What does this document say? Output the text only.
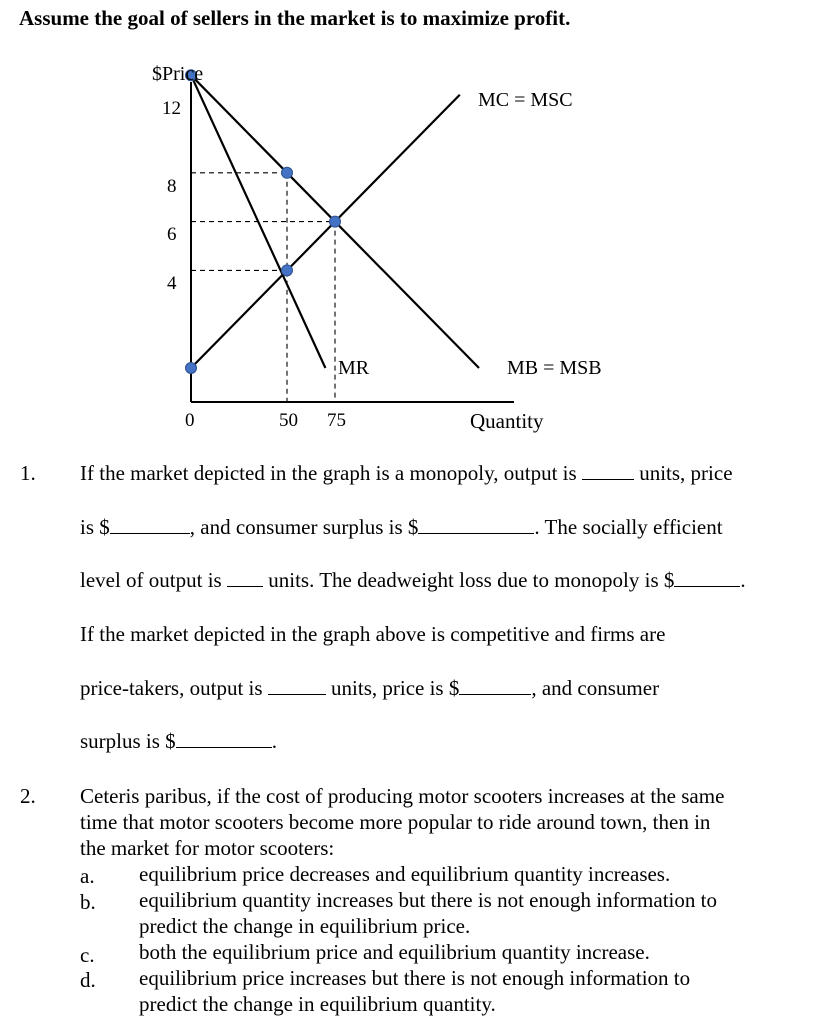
Assume the goal of sellers in the market is to maximize profit.
$Price
Quantity
0
12
8
6
4
50 75
MC = MSC
MB = MSB
MR
1. If the market depicted in the graph is a monopoly, output is	units, price
is $	, and consumer surplus is $	. The socially efficient
level of output is units. The deadweight loss due to monopoly is $	.
If the market depicted in the graph above is competitive and firms are
price-takers, output is	units, price is $	, and consumer
surplus is $	.
2. Ceteris paribus, if the cost of producing motor scooters increases at the same
time that motor scooters become more popular to ride around town, then in
the market for motor scooters:
a. equilibrium price decreases and equilibrium quantity increases.
b. equilibrium quantity increases but there is not enough information to
predict the change in equilibrium price.
c. both the equilibrium price and equilibrium quantity increase.
d. equilibrium price increases but there is not enough information to
predict the change in equilibrium quantity.
